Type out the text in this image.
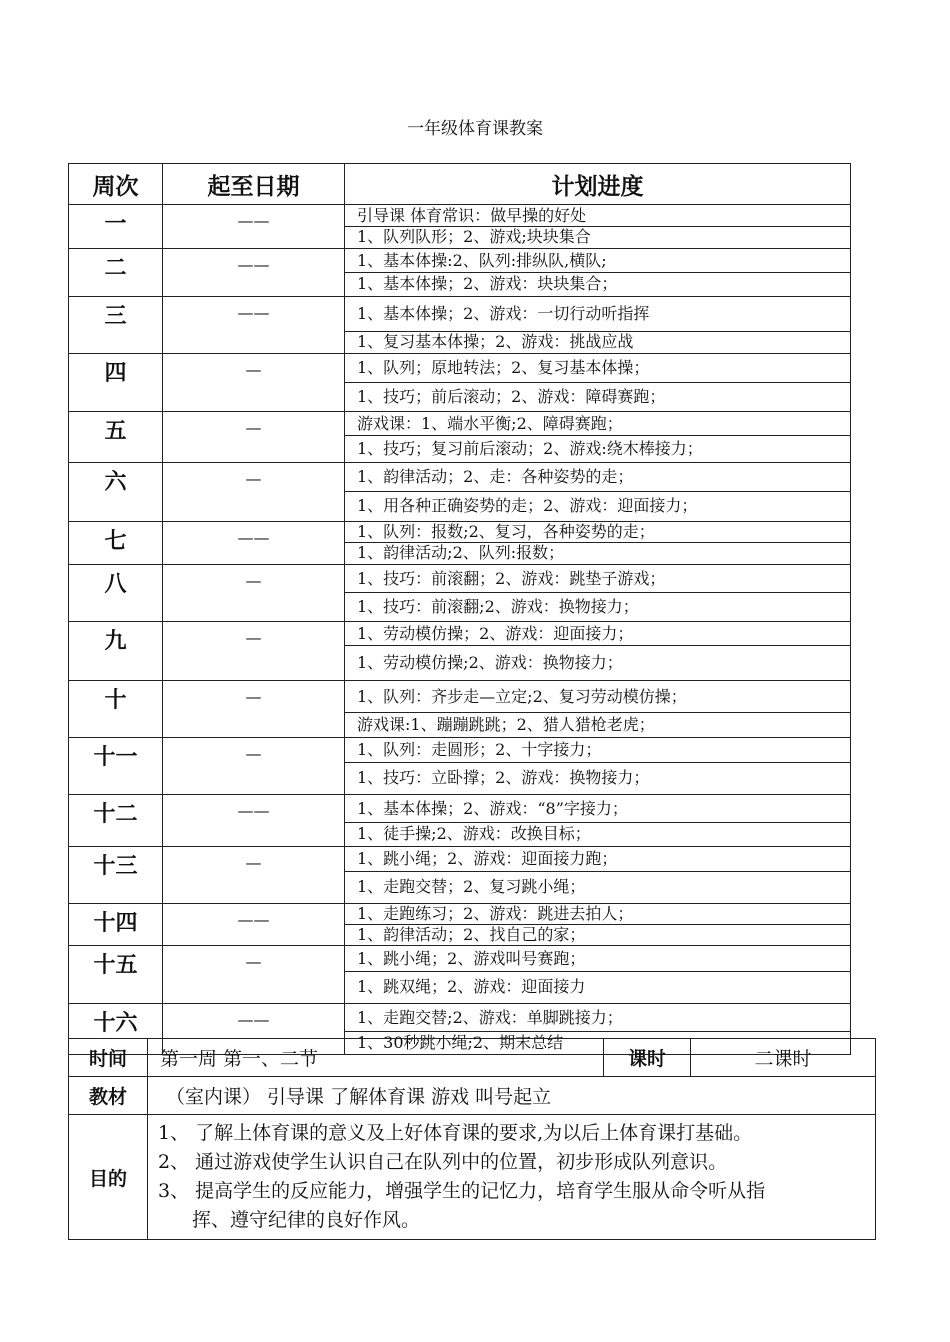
一年级体育课教案
周次	起至日期	计划进度
一	——	引导课 体育常识：做早操的好处
1、队列队形；2、游戏;块块集合

二	——	1、基本体操:2、队列:排纵队,横队;
1、基本体操；2、游戏：块块集合；

三	——	1、基本体操；2、游戏：一切行动听指挥
1、复习基本体操；2、游戏：挑战应战

四	—	1、队列；原地转法；2、复习基本体操；
1、技巧；前后滚动；2、游戏：障碍赛跑；

五	—	游戏课：1、端水平衡;2、障碍赛跑；
1、技巧；复习前后滚动；2、游戏:绕木棒接力；

六	—	1、韵律活动；2、走：各种姿势的走；
1、用各种正确姿势的走；2、游戏：迎面接力；

七	——	1、队列：报数;2、复习，各种姿势的走；
1、韵律活动;2、队列:报数；

八	—	1、技巧：前滚翻；2、游戏：跳垫子游戏；
1、技巧：前滚翻;2、游戏：换物接力；

九	—	1、劳动模仿操；2、游戏：迎面接力；
1、劳动模仿操;2、游戏：换物接力；

十	—	1、队列：齐步走—立定;2、复习劳动模仿操；
游戏课:1、蹦蹦跳跳；2、猎人猎枪老虎；

十一	—	1、队列：走圆形；2、十字接力；
1、技巧：立卧撑；2、游戏：换物接力；

十二	——	1、基本体操；2、游戏：“8”字接力；
1、徒手操;2、游戏：改换目标；

十三	—	1、跳小绳；2、游戏：迎面接力跑；
1、走跑交替；2、复习跳小绳；

十四	——	1、走跑练习；2、游戏：跳进去拍人；
1、韵律活动；2、找自己的家；

十五	—	1、跳小绳；2、游戏叫号赛跑；
1、跳双绳；2、游戏：迎面接力

十六	——	1、走跑交替;2、游戏：单脚跳接力；
1、30秒跳小绳;2、期末总结
时间	第一周 第一、二节	课时	二课时
教材	（室内课） 引导课 了解体育课 游戏 叫号起立		
目的	1、 了解上体育课的意义及上好体育课的要求,为以后上体育课打基础。
2、 通过游戏使学生认识自己在队列中的位置，初步形成队列意识。
3、 提高学生的反应能力，增强学生的记忆力，培育学生服从命令听从指
挥、遵守纪律的良好作风。		
